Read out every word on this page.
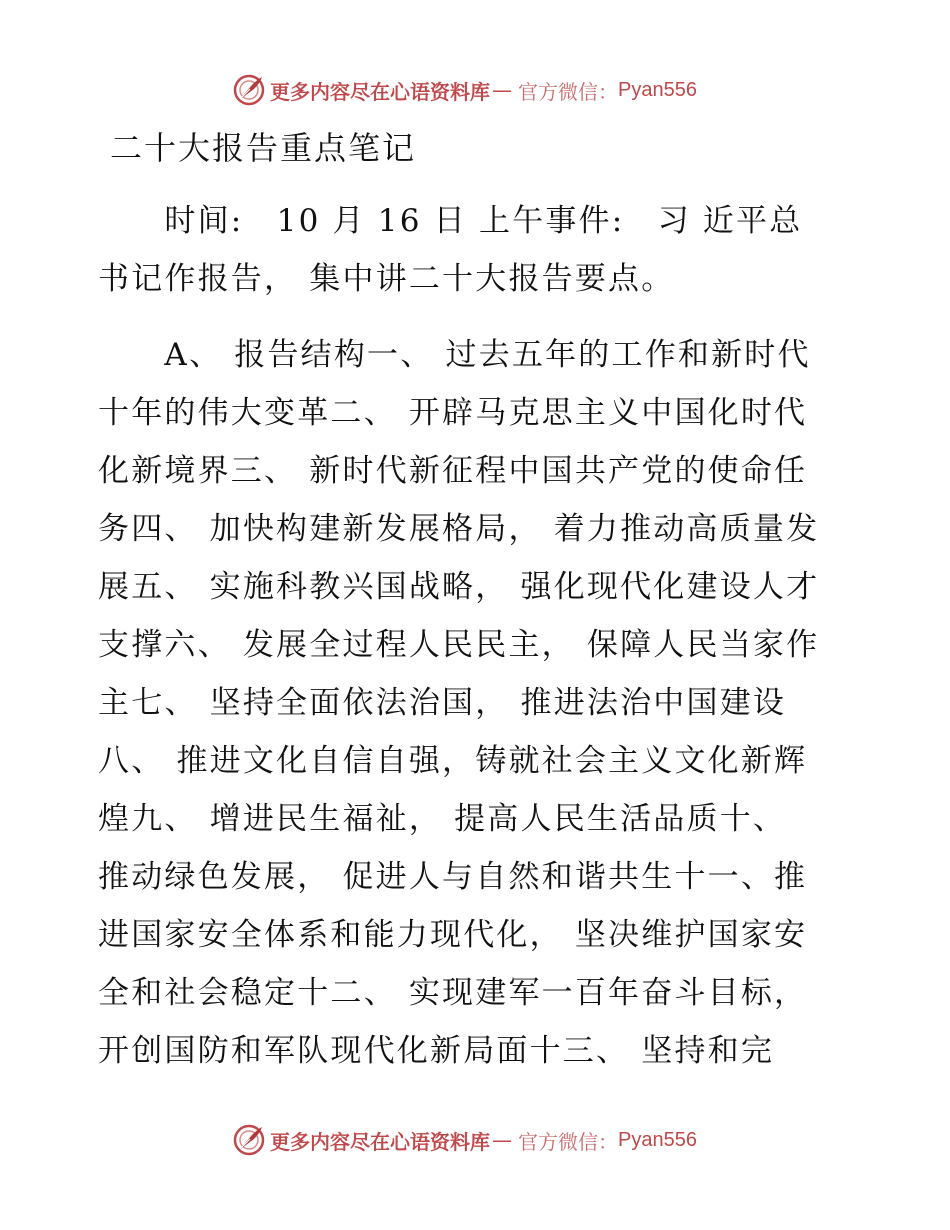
更多内容尽在心语资料库 — 官方微信： Pyan556
二十大报告重点笔记

　　时间:　10 月 16 日 上午事件:　习 近平总
书记作报告， 集中讲二十大报告要点。

　　A、 报告结构一、 过去五年的工作和新时代
十年的伟大变革二、 开辟马克思主义中国化时代
化新境界三、 新时代新征程中国共产党的使命任
务四、 加快构建新发展格局， 着力推动高质量发
展五、 实施科教兴国战略， 强化现代化建设人才
支撑六、 发展全过程人民民主， 保障人民当家作
主七、 坚持全面依法治国， 推进法治中国建设
八、 推进文化自信自强，铸就社会主义文化新辉
煌九、 增进民生福祉， 提高人民生活品质十、
推动绿色发展， 促进人与自然和谐共生十一、推
进国家安全体系和能力现代化， 坚决维护国家安
全和社会稳定十二、 实现建军一百年奋斗目标，
开创国防和军队现代化新局面十三、 坚持和完

更多内容尽在心语资料库 — 官方微信： Pyan556
